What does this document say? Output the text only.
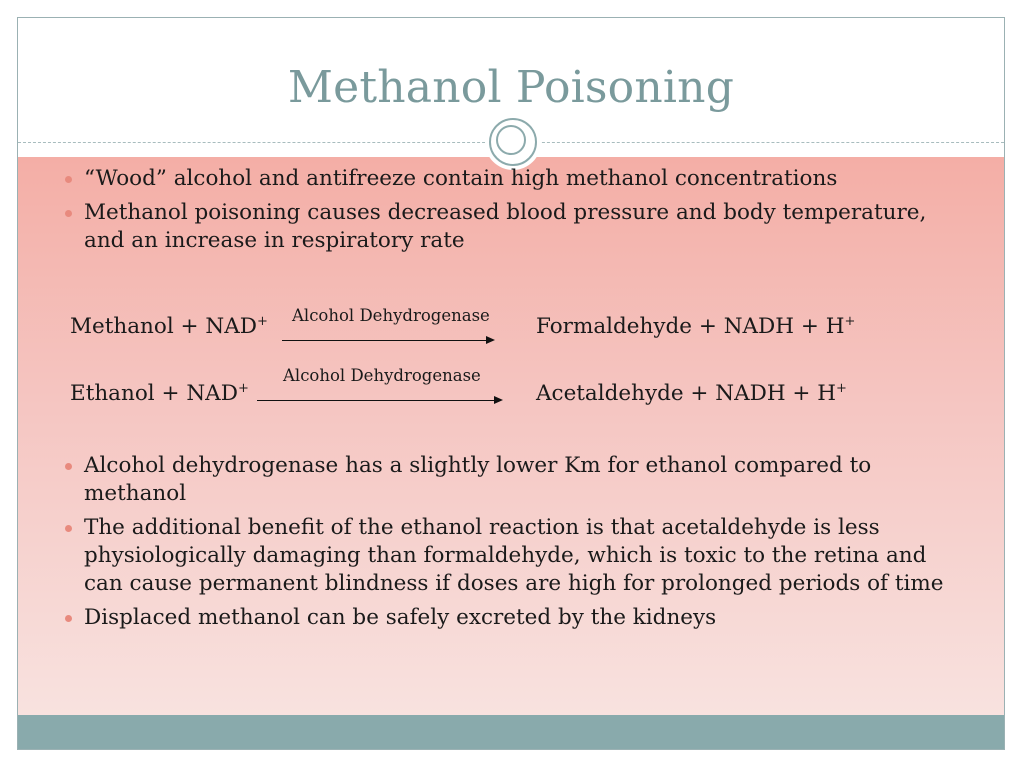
Methanol Poisoning
“Wood” alcohol and antifreeze contain high methanol concentrations
Methanol poisoning causes decreased blood pressure and body temperature, and an increase in respiratory rate
Methanol + NAD+ Alcohol Dehydrogenase Formaldehyde + NADH + H+
Ethanol + NAD+
Alcohol Dehydrogenase
Acetaldehyde + NADH + H+
Alcohol dehydrogenase has a slightly lower Km for ethanol compared to methanol
The additional benefit of the ethanol reaction is that acetaldehyde is less physiologically damaging than formaldehyde, which is toxic to the retina and can cause permanent blindness if doses are high for prolonged periods of time
Displaced methanol can be safely excreted by the kidneys
